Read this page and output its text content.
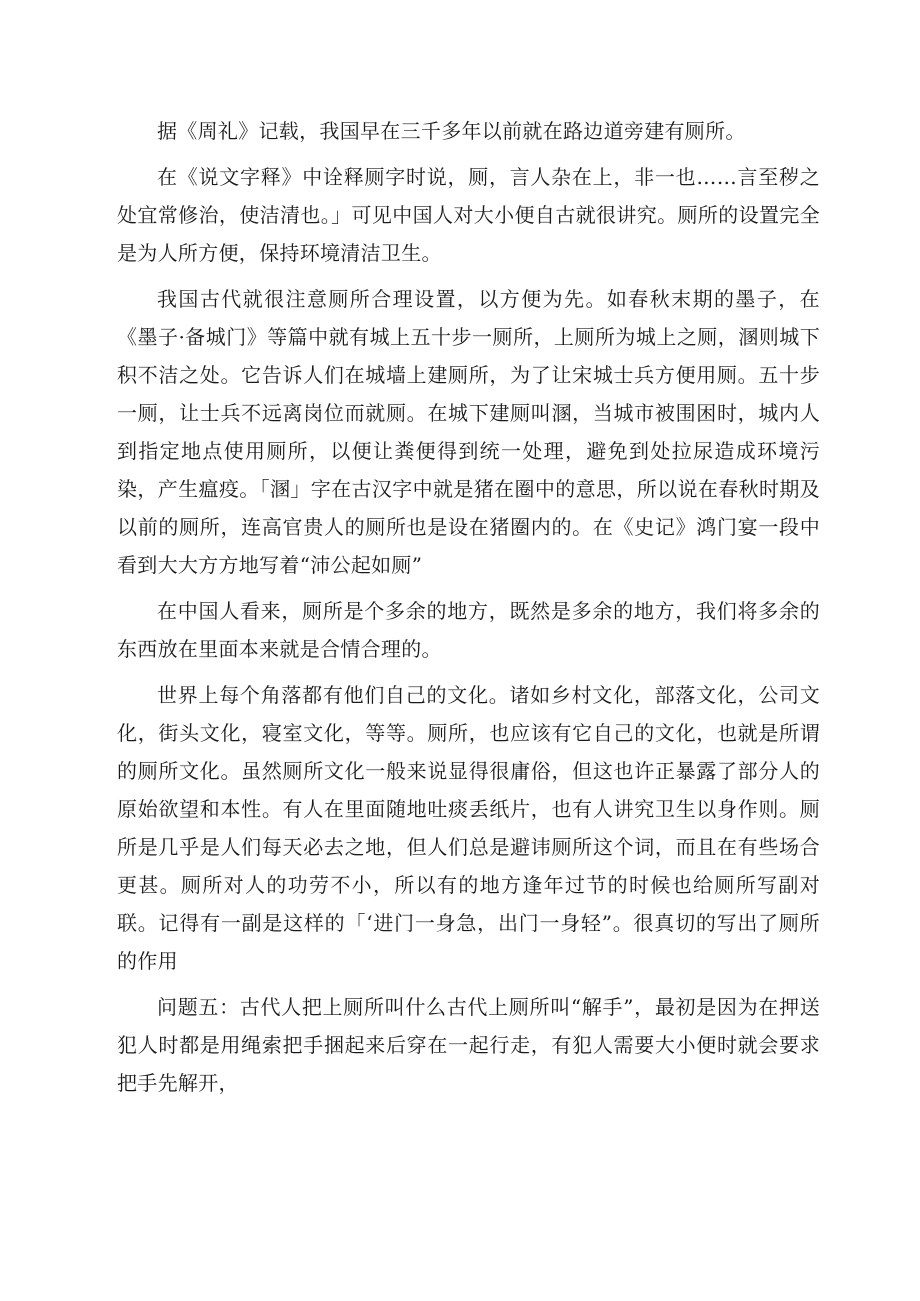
据《周礼》记载，我国早在三千多年以前就在路边道旁建有厕所。

在《说文字释》中诠释厕字时说，厕，言人杂在上，非一也……言至秽之处宜常修治，使洁清也。」可见中国人对大小便自古就很讲究。厕所的设置完全是为人所方便，保持环境清洁卫生。

我国古代就很注意厕所合理设置，以方便为先。如春秋末期的墨子，在《墨子·备城门》等篇中就有城上五十步一厕所，上厕所为城上之厕，溷则城下积不洁之处。它告诉人们在城墙上建厕所，为了让宋城士兵方便用厕。五十步一厕，让士兵不远离岗位而就厕。在城下建厕叫溷，当城市被围困时，城内人到指定地点使用厕所，以便让粪便得到统一处理，避免到处拉尿造成环境污染，产生瘟疫。「溷」字在古汉字中就是猪在圈中的意思，所以说在春秋时期及以前的厕所，连高官贵人的厕所也是设在猪圈内的。在《史记》鸿门宴一段中看到大大方方地写着“沛公起如厕”

在中国人看来，厕所是个多余的地方，既然是多余的地方，我们将多余的东西放在里面本来就是合情合理的。

世界上每个角落都有他们自己的文化。诸如乡村文化，部落文化，公司文化，街头文化，寝室文化，等等。厕所，也应该有它自己的文化，也就是所谓的厕所文化。虽然厕所文化一般来说显得很庸俗，但这也许正暴露了部分人的原始欲望和本性。有人在里面随地吐痰丢纸片，也有人讲究卫生以身作则。厕所是几乎是人们每天必去之地，但人们总是避讳厕所这个词，而且在有些场合更甚。厕所对人的功劳不小，所以有的地方逢年过节的时候也给厕所写副对联。记得有一副是这样的「‘进门一身急，出门一身轻”。很真切的写出了厕所的作用

问题五：古代人把上厕所叫什么古代上厕所叫“解手”，最初是因为在押送犯人时都是用绳索把手捆起来后穿在一起行走，有犯人需要大小便时就会要求把手先解开，
